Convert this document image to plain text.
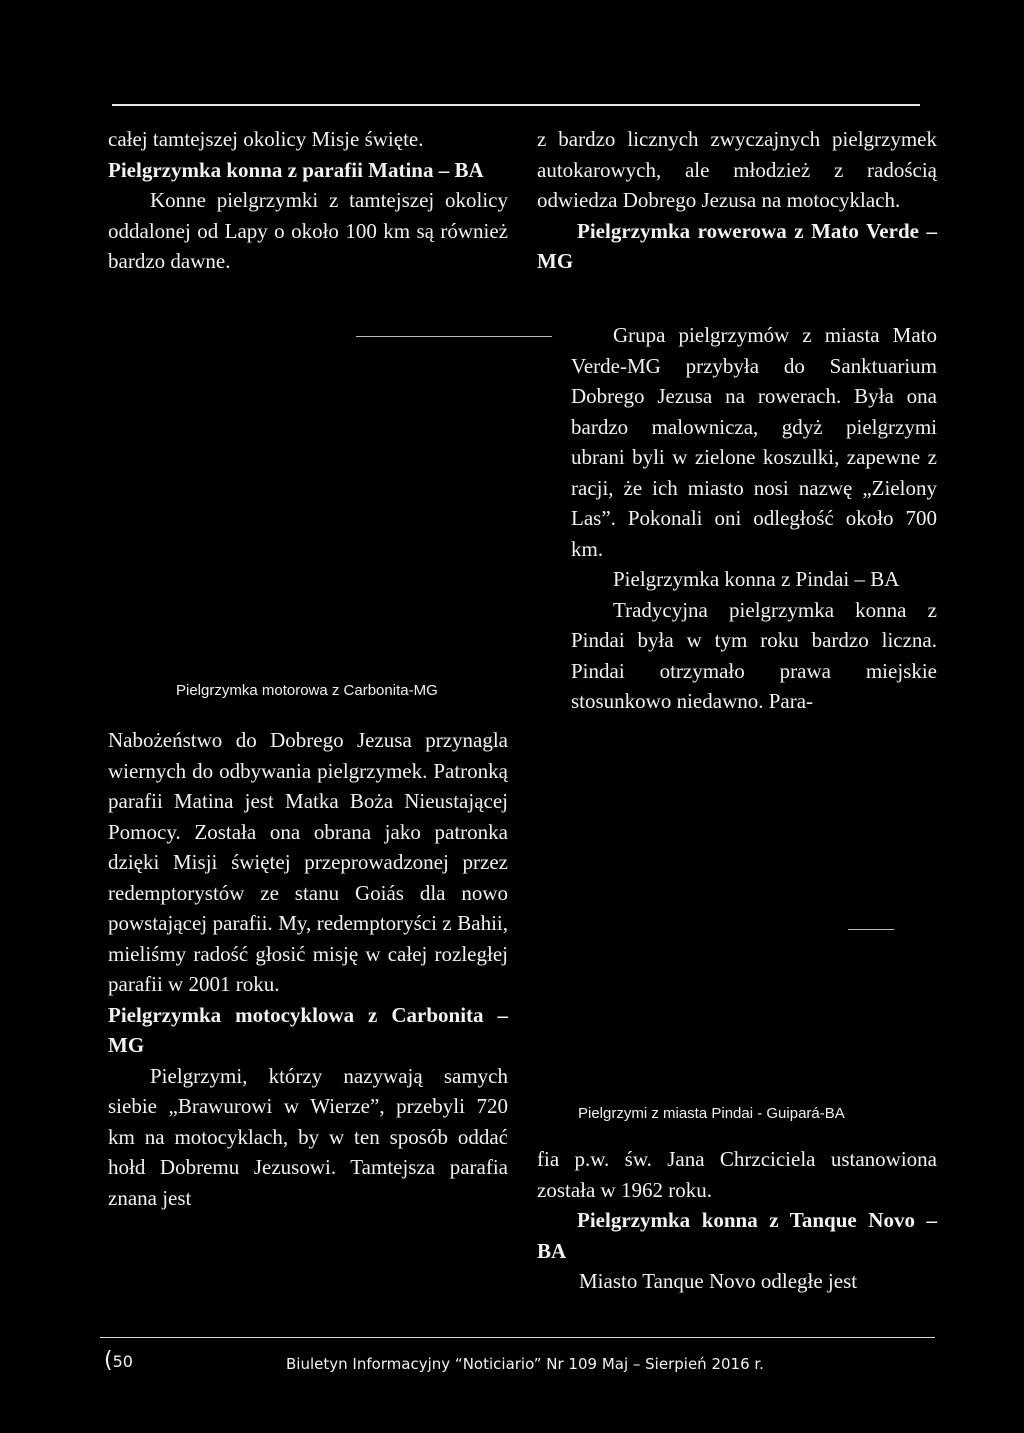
całej tamtejszej okolicy Misje święte.

Pielgrzymka konna z parafii Matina – BA

Konne pielgrzymki z tamtejszej okolicy oddalonej od Lapy o około 100 km są również bardzo dawne.

Pielgrzymka motorowa z Carbonita-MG

Nabożeństwo do Dobrego Jezusa przynagla wiernych do odbywania pielgrzymek. Patronką parafii Matina jest Matka Boża Nieustającej Pomocy. Została ona obrana jako patronka dzięki Misji świętej przeprowadzonej przez redemptorystów ze stanu Goiás dla nowo powstającej parafii. My, redemptoryści z Bahii, mieliśmy radość głosić misję w całej rozległej parafii w 2001 roku.

Pielgrzymka motocyklowa z Carbonita – MG

Pielgrzymi, którzy nazywają samych siebie „Brawurowi w Wierze”, przebyli 720 km na motocyklach, by w ten sposób oddać hołd Dobremu Jezusowi. Tamtejsza parafia znana jest

z bardzo licznych zwyczajnych pielgrzymek autokarowych, ale młodzież z radością odwiedza Dobrego Jezusa na motocyklach.

Pielgrzymka rowerowa z Mato Verde – MG

Grupa pielgrzymów z miasta Mato Verde-MG przybyła do Sanktuarium Dobrego Jezusa na rowerach. Była ona bardzo malownicza, gdyż pielgrzymi ubrani byli w zielone koszulki, zapewne z racji, że ich miasto nosi nazwę „Zielony Las”. Pokonali oni odległość około 700 km.

Pielgrzymka konna z Pindai – BA

Tradycyjna pielgrzymka konna z Pindai była w tym roku bardzo liczna. Pindai otrzymało prawa miejskie stosunkowo niedawno. Para-

Pielgrzymi z miasta Pindai - Guipará-BA

fia p.w. św. Jana Chrzciciela ustanowiona została w 1962 roku.

Pielgrzymka konna z Tanque Novo – BA

Miasto Tanque Novo odległe jest

(50	Biuletyn Informacyjny “Noticiario” Nr 109 Maj – Sierpień 2016 r.
